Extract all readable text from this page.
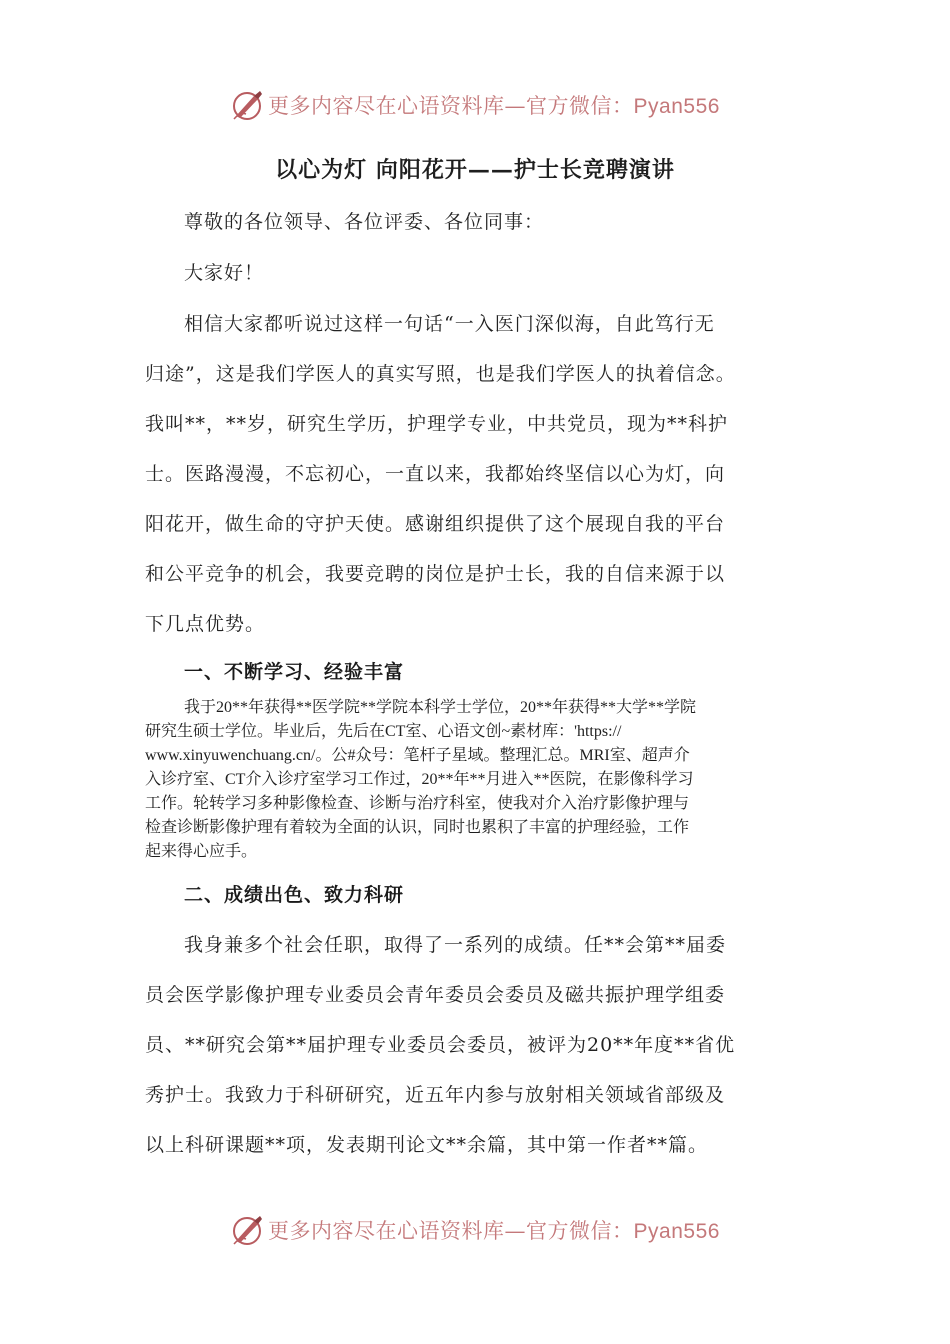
更多内容尽在心语资料库—官方微信：Pyan556
以心为灯 向阳花开——护士长竞聘演讲
尊敬的各位领导、各位评委、各位同事：
大家好！
相信大家都听说过这样一句话“一入医门深似海，自此笃行无
归途”，这是我们学医人的真实写照，也是我们学医人的执着信念。
我叫**，**岁，研究生学历，护理学专业，中共党员，现为**科护
士。医路漫漫，不忘初心，一直以来，我都始终坚信以心为灯，向
阳花开，做生命的守护天使。感谢组织提供了这个展现自我的平台
和公平竞争的机会，我要竞聘的岗位是护士长，我的自信来源于以
下几点优势。
一、不断学习、经验丰富
我于20**年获得**医学院**学院本科学士学位，20**年获得**大学**学院
研究生硕士学位。毕业后，先后在CT室、心语文创~素材库：'https://
www.xinyuwenchuang.cn/。公#众号：笔杆子星域。整理汇总。MRI室、超声介
入诊疗室、CT介入诊疗室学习工作过，20**年**月进入**医院，在影像科学习
工作。轮转学习多种影像检查、诊断与治疗科室，使我对介入治疗影像护理与
检查诊断影像护理有着较为全面的认识，同时也累积了丰富的护理经验，工作
起来得心应手。
二、成绩出色、致力科研
我身兼多个社会任职，取得了一系列的成绩。任**会第**届委
员会医学影像护理专业委员会青年委员会委员及磁共振护理学组委
员、**研究会第**届护理专业委员会委员，被评为20**年度**省优
秀护士。我致力于科研研究，近五年内参与放射相关领域省部级及
以上科研课题**项，发表期刊论文**余篇，其中第一作者**篇。
更多内容尽在心语资料库—官方微信：Pyan556
